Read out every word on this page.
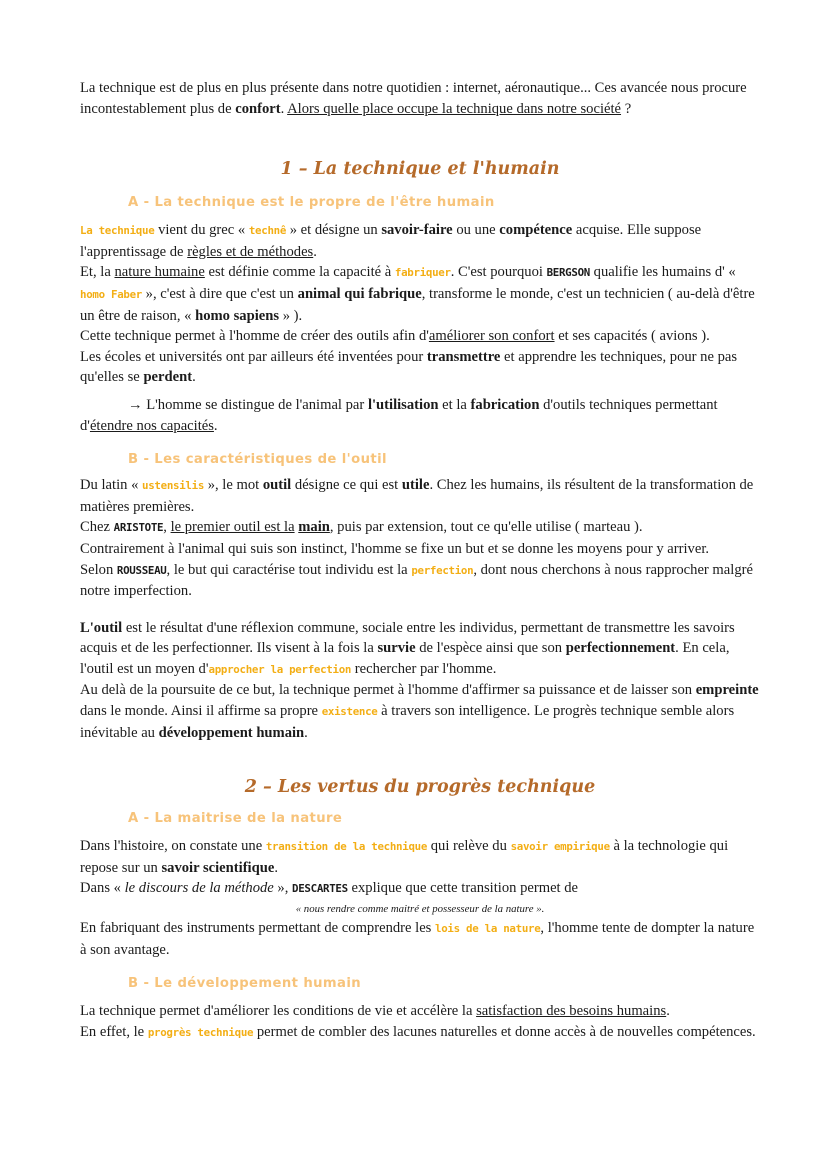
La technique est de plus en plus présente dans notre quotidien : internet, aéronautique... Ces avancée nous procure incontestablement plus de confort. Alors quelle place occupe la technique dans notre société ?

1 – La technique et l'humain
A - La technique est le propre de l'être humain

La technique vient du grec « technê » et désigne un savoir-faire ou une compétence acquise. Elle suppose l'apprentissage de règles et de méthodes.

Et, la nature humaine est définie comme la capacité à fabriquer. C'est pourquoi BERGSON qualifie les humains d' « homo Faber », c'est à dire que c'est un animal qui fabrique, transforme le monde, c'est un technicien ( au-delà d'être un être de raison, « homo sapiens » ).

Cette technique permet à l'homme de créer des outils afin d'améliorer son confort et ses capacités ( avions ).

Les écoles et universités ont par ailleurs été inventées pour transmettre et apprendre les techniques, pour ne pas qu'elles se perdent.

→ L'homme se distingue de l'animal par l'utilisation et la fabrication d'outils techniques permettant d'étendre nos capacités.

B - Les caractéristiques de l'outil

Du latin « ustensilis », le mot outil désigne ce qui est utile. Chez les humains, ils résultent de la transformation de matières premières.

Chez ARISTOTE, le premier outil est la main, puis par extension, tout ce qu'elle utilise ( marteau ).

Contrairement à l'animal qui suis son instinct, l'homme se fixe un but et se donne les moyens pour y arriver.

Selon ROUSSEAU, le but qui caractérise tout individu est la perfection, dont nous cherchons à nous rapprocher malgré notre imperfection.

L'outil est le résultat d'une réflexion commune, sociale entre les individus, permettant de transmettre les savoirs acquis et de les perfectionner. Ils visent à la fois la survie de l'espèce ainsi que son perfectionnement. En cela, l'outil est un moyen d'approcher la perfection rechercher par l'homme.

Au delà de la poursuite de ce but, la technique permet à l'homme d'affirmer sa puissance et de laisser son empreinte dans le monde. Ainsi il affirme sa propre existence à travers son intelligence. Le progrès technique semble alors inévitable au développement humain.

2 – Les vertus du progrès technique
A - La maitrise de la nature

Dans l'histoire, on constate une transition de la technique qui relève du savoir empirique à la technologie qui repose sur un savoir scientifique.

Dans « le discours de la méthode », DESCARTES explique que cette transition permet de

« nous rendre comme maitré et possesseur de la nature ».

En fabriquant des instruments permettant de comprendre les lois de la nature, l'homme tente de dompter la nature à son avantage.

B - Le développement humain

La technique permet d'améliorer les conditions de vie et accélère la satisfaction des besoins humains.

En effet, le progrès technique permet de combler des lacunes naturelles et donne accès à de nouvelles compétences.
